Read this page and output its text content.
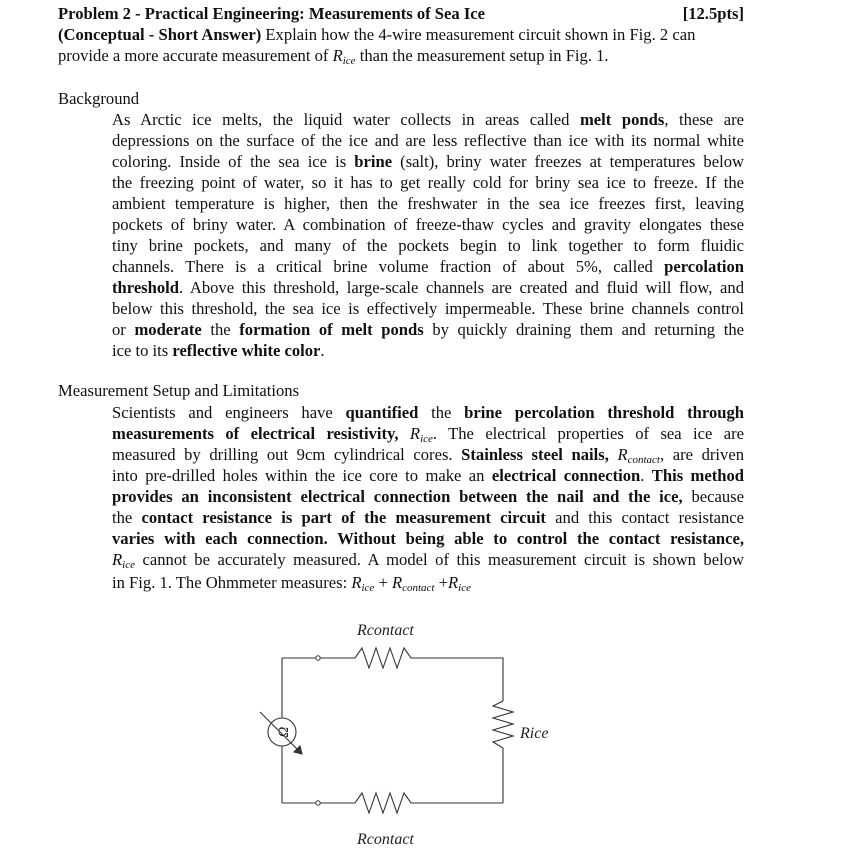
Problem 2 - Practical Engineering: Measurements of Sea Ice	[12.5pts]
(Conceptual - Short Answer) Explain how the 4-wire measurement circuit shown in Fig. 2 can
provide a more accurate measurement of $R_{ice}$ than the measurement setup in Fig. 1.
Background
As Arctic ice melts, the liquid water collects in areas called melt ponds, these are
depressions on the surface of the ice and are less reflective than ice with its normal white
coloring. Inside of the sea ice is brine (salt), briny water freezes at temperatures below
the freezing point of water, so it has to get really cold for briny sea ice to freeze. If the
ambient temperature is higher, then the freshwater in the sea ice freezes first, leaving
pockets of briny water. A combination of freeze-thaw cycles and gravity elongates these
tiny brine pockets, and many of the pockets begin to link together to form fluidic
channels. There is a critical brine volume fraction of about 5%, called percolation
threshold. Above this threshold, large-scale channels are created and fluid will flow, and
below this threshold, the sea ice is effectively impermeable. These brine channels control
or moderate the formation of melt ponds by quickly draining them and returning the
ice to its reflective white color.
Measurement Setup and Limitations
Scientists and engineers have quantified the brine percolation threshold through
measurements of electrical resistivity, $R_{ice}$. The electrical properties of sea ice are
measured by drilling out 9cm cylindrical cores. Stainless steel nails, $R_{contact}$, are driven
into pre-drilled holes within the ice core to make an electrical connection. This method
provides an inconsistent electrical connection between the nail and the ice, because
the contact resistance is part of the measurement circuit and this contact resistance
varies with each connection. Without being able to control the contact resistance,
$R_{ice}$ cannot be accurately measured. A model of this measurement circuit is shown below
in Fig. 1. The Ohmmeter measures: $R_{ice} + R_{contact} +R_{ice}$
Ω
Rcontact
Rice
Rcontact
